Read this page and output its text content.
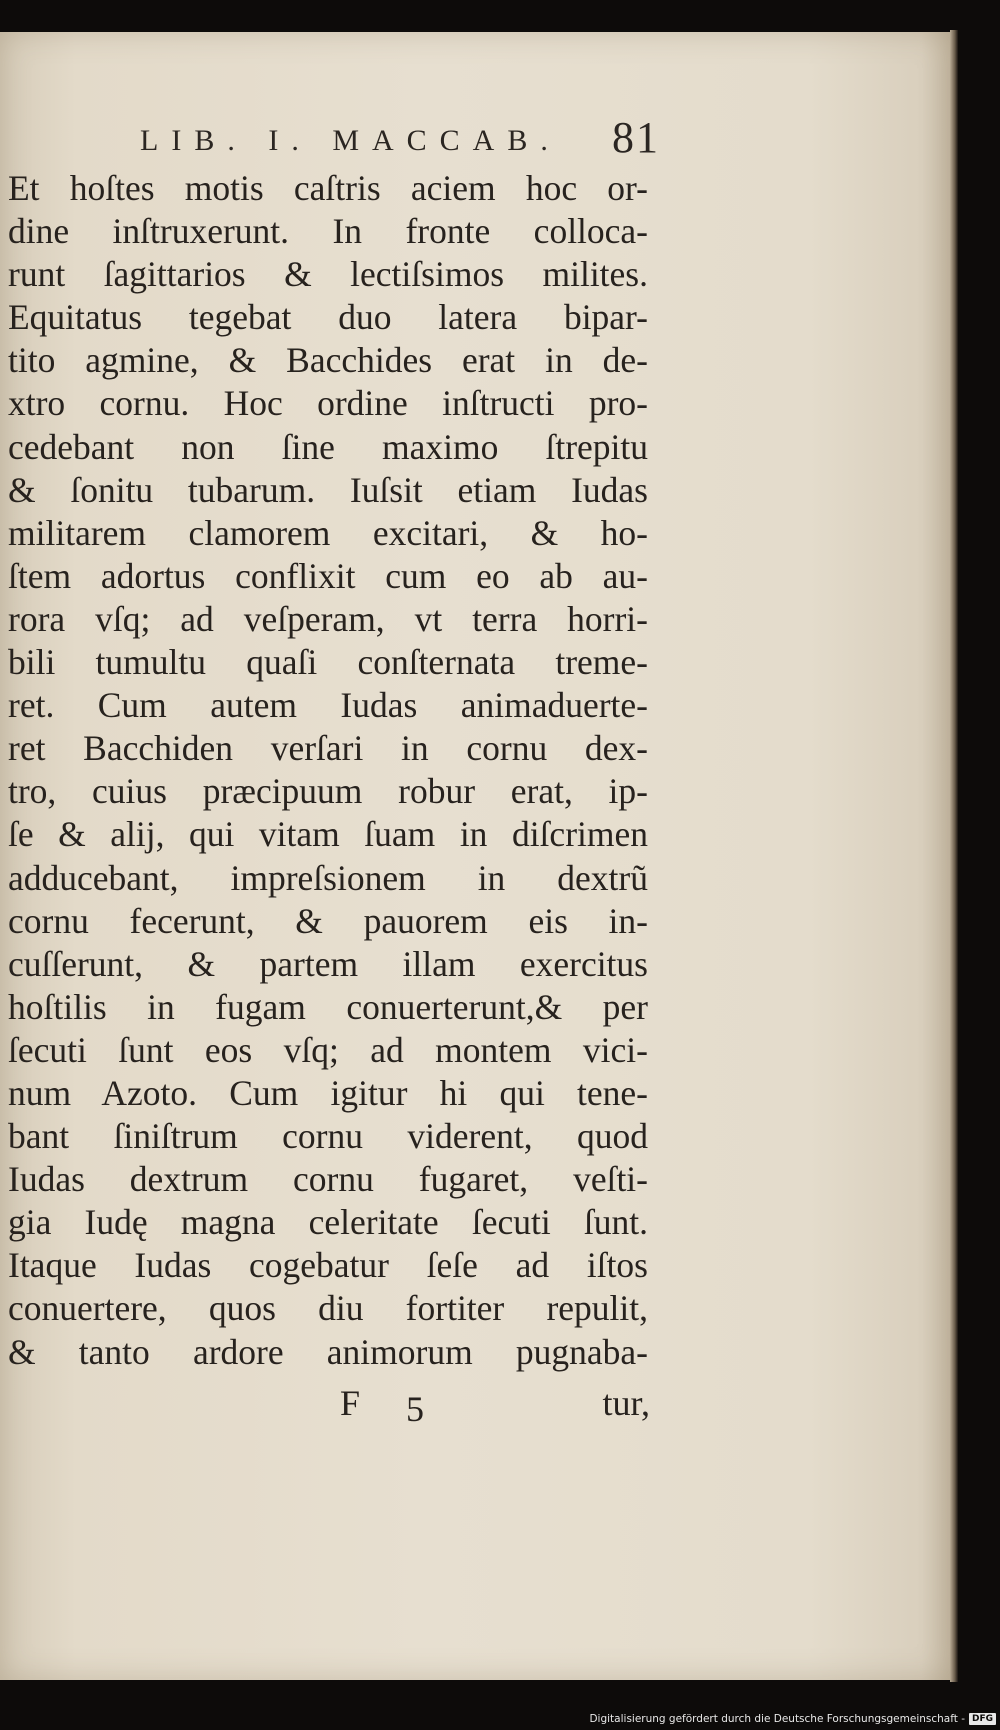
LIB. I. MACCAB. 81
Et hoſtes motis caſtris aciem hoc or-
dine inſtruxerunt. In fronte colloca-
runt ſagittarios & lectiſsimos milites.
Equitatus tegebat duo latera bipar-
tito agmine, & Bacchides erat in de-
xtro cornu. Hoc ordine inſtructi pro-
cedebant non ſine maximo ſtrepitu
& ſonitu tubarum. Iuſsit etiam Iudas
militarem clamorem excitari, & ho-
ſtem adortus conflixit cum eo ab au-
rora vſq; ad veſperam, vt terra horri-
bili tumultu quaſi conſternata treme-
ret. Cum autem Iudas animaduerte-
ret Bacchiden verſari in cornu dex-
tro, cuius præcipuum robur erat, ip-
ſe & alij, qui vitam ſuam in diſcrimen
adducebant, impreſsionem in dextrũ
cornu fecerunt, & pauorem eis in-
cuſſerunt, & partem illam exercitus
hoſtilis in fugam conuerterunt,& per
ſecuti ſunt eos vſq; ad montem vici-
num Azoto. Cum igitur hi qui tene-
bant ſiniſtrum cornu viderent, quod
Iudas dextrum cornu fugaret, veſti-
gia Iudę magna celeritate ſecuti ſunt.
Itaque Iudas cogebatur ſeſe ad iſtos
conuertere, quos diu fortiter repulit,
& tanto ardore animorum pugnaba-
F 5	tur,
Digitalisierung gefördert durch die Deutsche Forschungsgemeinschaft - DFG
